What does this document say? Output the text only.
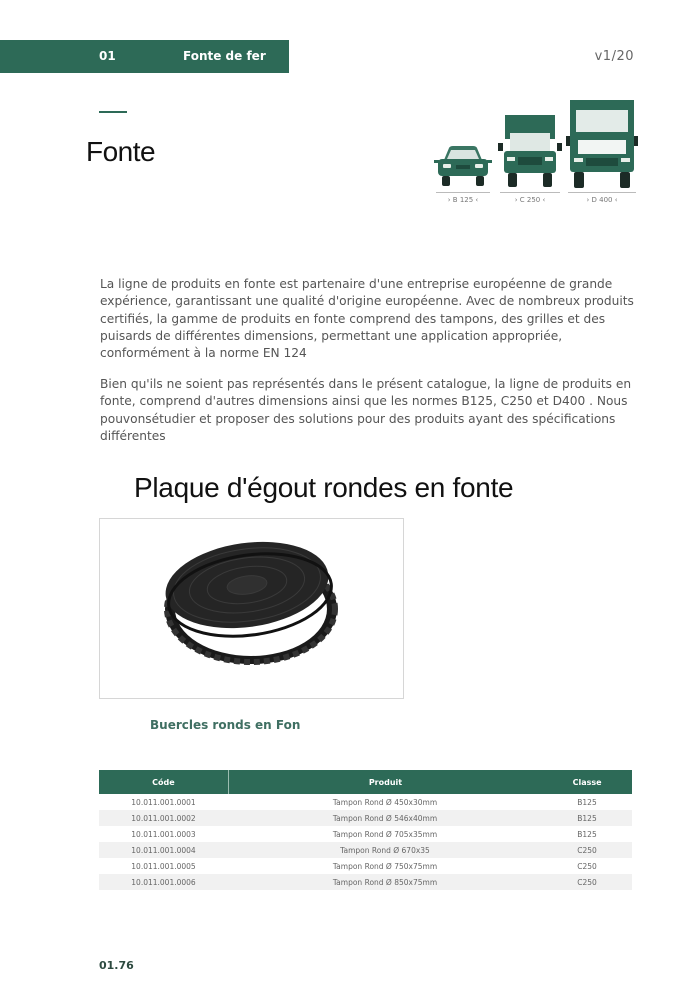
01	Fonte de fer	v1/20
Fonte
› B 125 ‹	› C 250 ‹	› D 400 ‹

La ligne de produits en fonte est partenaire d'une entreprise européenne de grande expérience, garantissant une qualité d'origine européenne. Avec de nombreux produits certifiés, la gamme de produits en fonte comprend des tampons, des grilles et des puisards de différentes dimensions, permettant une application appropriée, conformément à la norme EN 124

Bien qu'ils ne soient pas représentés dans le présent catalogue, la ligne de produits en fonte, comprend d'autres dimensions ainsi que les normes B125, C250 et D400 . Nous pouvonsétudier et proposer des solutions pour des produits ayant des spécifications différentes

Plaque d'égout rondes en fonte
Buercles ronds en Fon
Códe	Produit	Classe
10.011.001.0001	Tampon Rond Ø 450x30mm	B125
10.011.001.0002	Tampon Rond Ø 546x40mm	B125
10.011.001.0003	Tampon Rond Ø 705x35mm	B125
10.011.001.0004	Tampon Rond Ø 670x35	C250
10.011.001.0005	Tampon Rond Ø 750x75mm	C250
10.011.001.0006	Tampon Rond Ø 850x75mm	C250
01.76
